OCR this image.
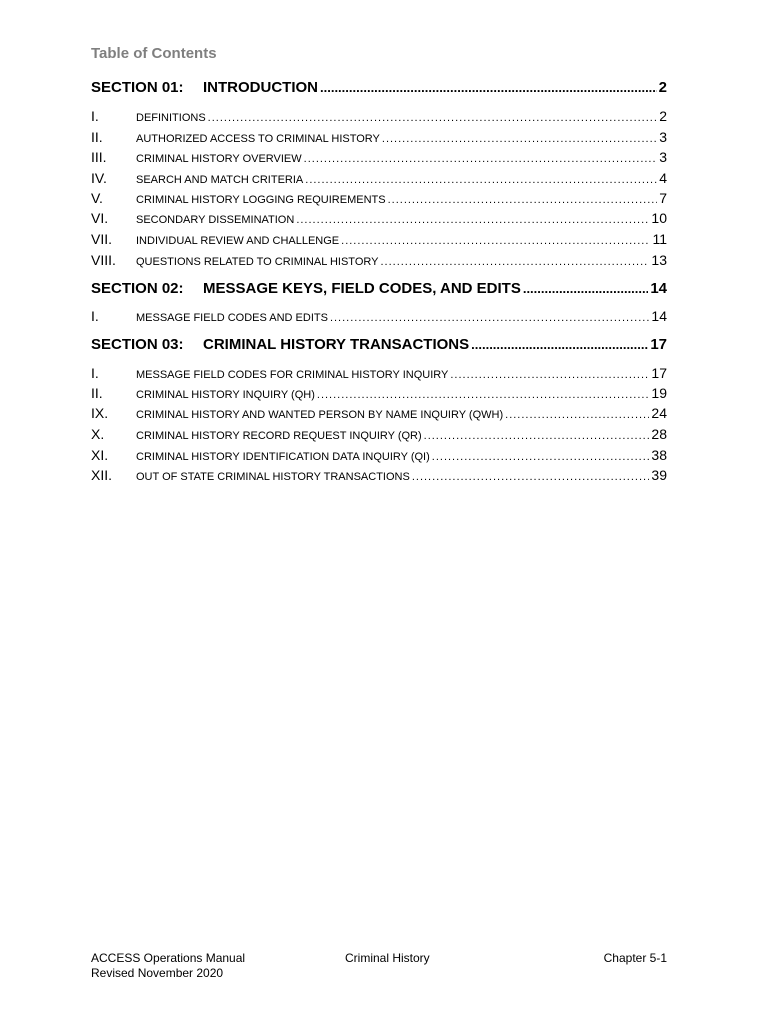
Table of Contents
SECTION 01:	INTRODUCTION .....	2
I.	DEFINITIONS .....	2
II.	AUTHORIZED ACCESS TO CRIMINAL HISTORY .....	3
III.	CRIMINAL HISTORY OVERVIEW .....	3
IV.	SEARCH AND MATCH CRITERIA .....	4
V.	CRIMINAL HISTORY LOGGING REQUIREMENTS .....	7
VI.	SECONDARY DISSEMINATION .....	10
VII.	INDIVIDUAL REVIEW AND CHALLENGE .....	11
VIII.	QUESTIONS RELATED TO CRIMINAL HISTORY .....	13
SECTION 02:	MESSAGE KEYS, FIELD CODES, AND EDITS .....	14
I.	MESSAGE FIELD CODES AND EDITS .....	14
SECTION 03:	CRIMINAL HISTORY TRANSACTIONS .....	17
I.	MESSAGE FIELD CODES FOR CRIMINAL HISTORY INQUIRY .....	17
II.	CRIMINAL HISTORY INQUIRY (QH) .....	19
IX.	CRIMINAL HISTORY AND WANTED PERSON BY NAME INQUIRY (QWH) .....	24
X.	CRIMINAL HISTORY RECORD REQUEST INQUIRY (QR) .....	28
XI.	CRIMINAL HISTORY IDENTIFICATION DATA INQUIRY (QI) .....	38
XII.	OUT OF STATE CRIMINAL HISTORY TRANSACTIONS .....	39
ACCESS Operations Manual
Revised November 2020
Criminal History	Chapter 5-1
